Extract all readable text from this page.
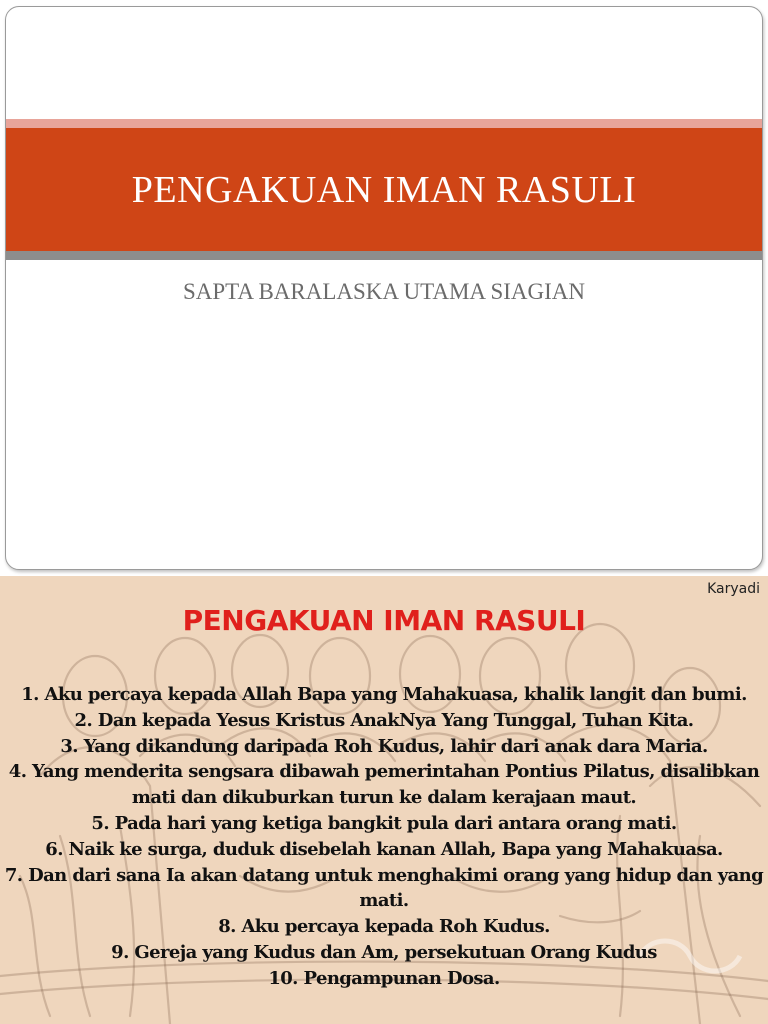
PENGAKUAN IMAN RASULI
SAPTA BARALASKA UTAMA SIAGIAN
Karyadi
PENGAKUAN IMAN RASULI
1. Aku percaya kepada Allah Bapa yang Mahakuasa, khalik langit dan bumi.
2. Dan kepada Yesus Kristus AnakNya Yang Tunggal, Tuhan Kita.
3. Yang dikandung daripada Roh Kudus, lahir dari anak dara Maria.
4. Yang menderita sengsara dibawah pemerintahan Pontius Pilatus, disalibkan mati dan dikuburkan turun ke dalam kerajaan maut.
5. Pada hari yang ketiga bangkit pula dari antara orang mati.
6. Naik ke surga, duduk disebelah kanan Allah, Bapa yang Mahakuasa.
7. Dan dari sana Ia akan datang untuk menghakimi orang yang hidup dan yang mati.
8. Aku percaya kepada Roh Kudus.
9. Gereja yang Kudus dan Am, persekutuan Orang Kudus
10. Pengampunan Dosa.
